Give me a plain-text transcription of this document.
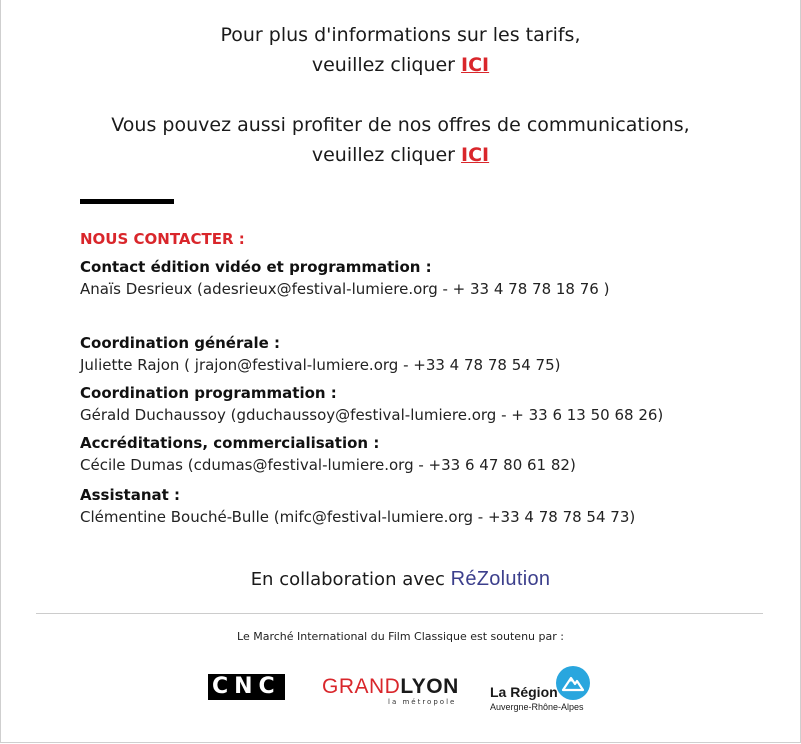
Pour plus d'informations sur les tarifs,
veuillez cliquer ICI
Vous pouvez aussi profiter de nos offres de communications,
veuillez cliquer ICI
NOUS CONTACTER :
Contact édition vidéo et programmation :
Anaïs Desrieux (adesrieux@festival-lumiere.org - + 33 4 78 78 18 76 )
Coordination générale :
Juliette Rajon ( jrajon@festival-lumiere.org - +33 4 78 78 54 75)
Coordination programmation :
Gérald Duchaussoy (gduchaussoy@festival-lumiere.org - + 33 6 13 50 68 26)
Accréditations, commercialisation :
Cécile Dumas (cdumas@festival-lumiere.org - +33 6 47 80 61 82)
Assistanat :
Clémentine Bouché-Bulle (mifc@festival-lumiere.org - +33 4 78 78 54 73)
En collaboration avec RéZolution
Le Marché International du Film Classique est soutenu par :
CNC GRANDLYON
la métropole
La Région
Auvergne-Rhône-Alpes
